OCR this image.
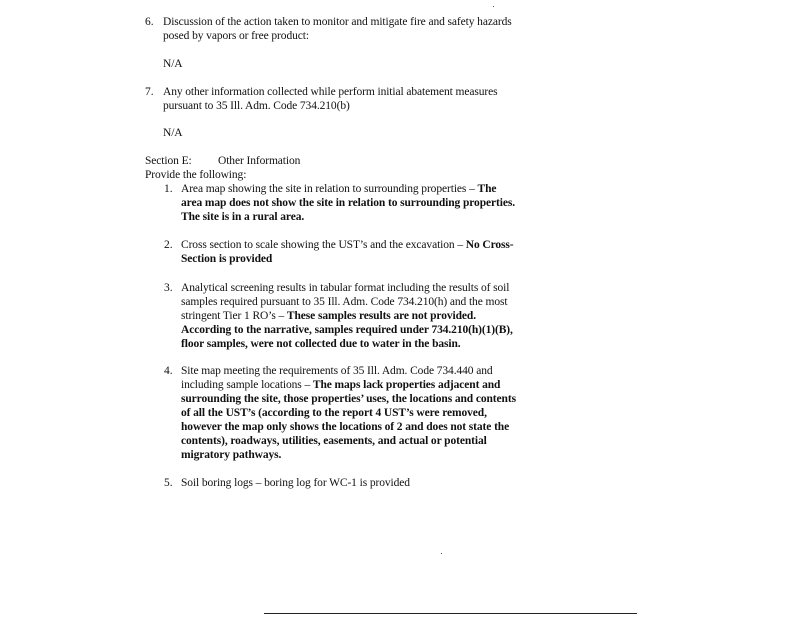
6. Discussion of the action taken to monitor and mitigate fire and safety hazards
posed by vapors or free product:
N/A
7. Any other information collected while perform initial abatement measures
pursuant to 35 Ill. Adm. Code 734.210(b)
N/A
Section E: Other Information
Provide the following:
1. Area map showing the site in relation to surrounding properties – The
area map does not show the site in relation to surrounding properties.
The site is in a rural area.
2. Cross section to scale showing the UST’s and the excavation – No Cross-
Section is provided
3. Analytical screening results in tabular format including the results of soil
samples required pursuant to 35 Ill. Adm. Code 734.210(h) and the most
stringent Tier 1 RO’s – These samples results are not provided.
According to the narrative, samples required under 734.210(h)(1)(B),
floor samples, were not collected due to water in the basin.
4. Site map meeting the requirements of 35 Ill. Adm. Code 734.440 and
including sample locations – The maps lack properties adjacent and
surrounding the site, those properties’ uses, the locations and contents
of all the UST’s (according to the report 4 UST’s were removed,
however the map only shows the locations of 2 and does not state the
contents), roadways, utilities, easements, and actual or potential
migratory pathways.
5. Soil boring logs – boring log for WC-1 is provided
